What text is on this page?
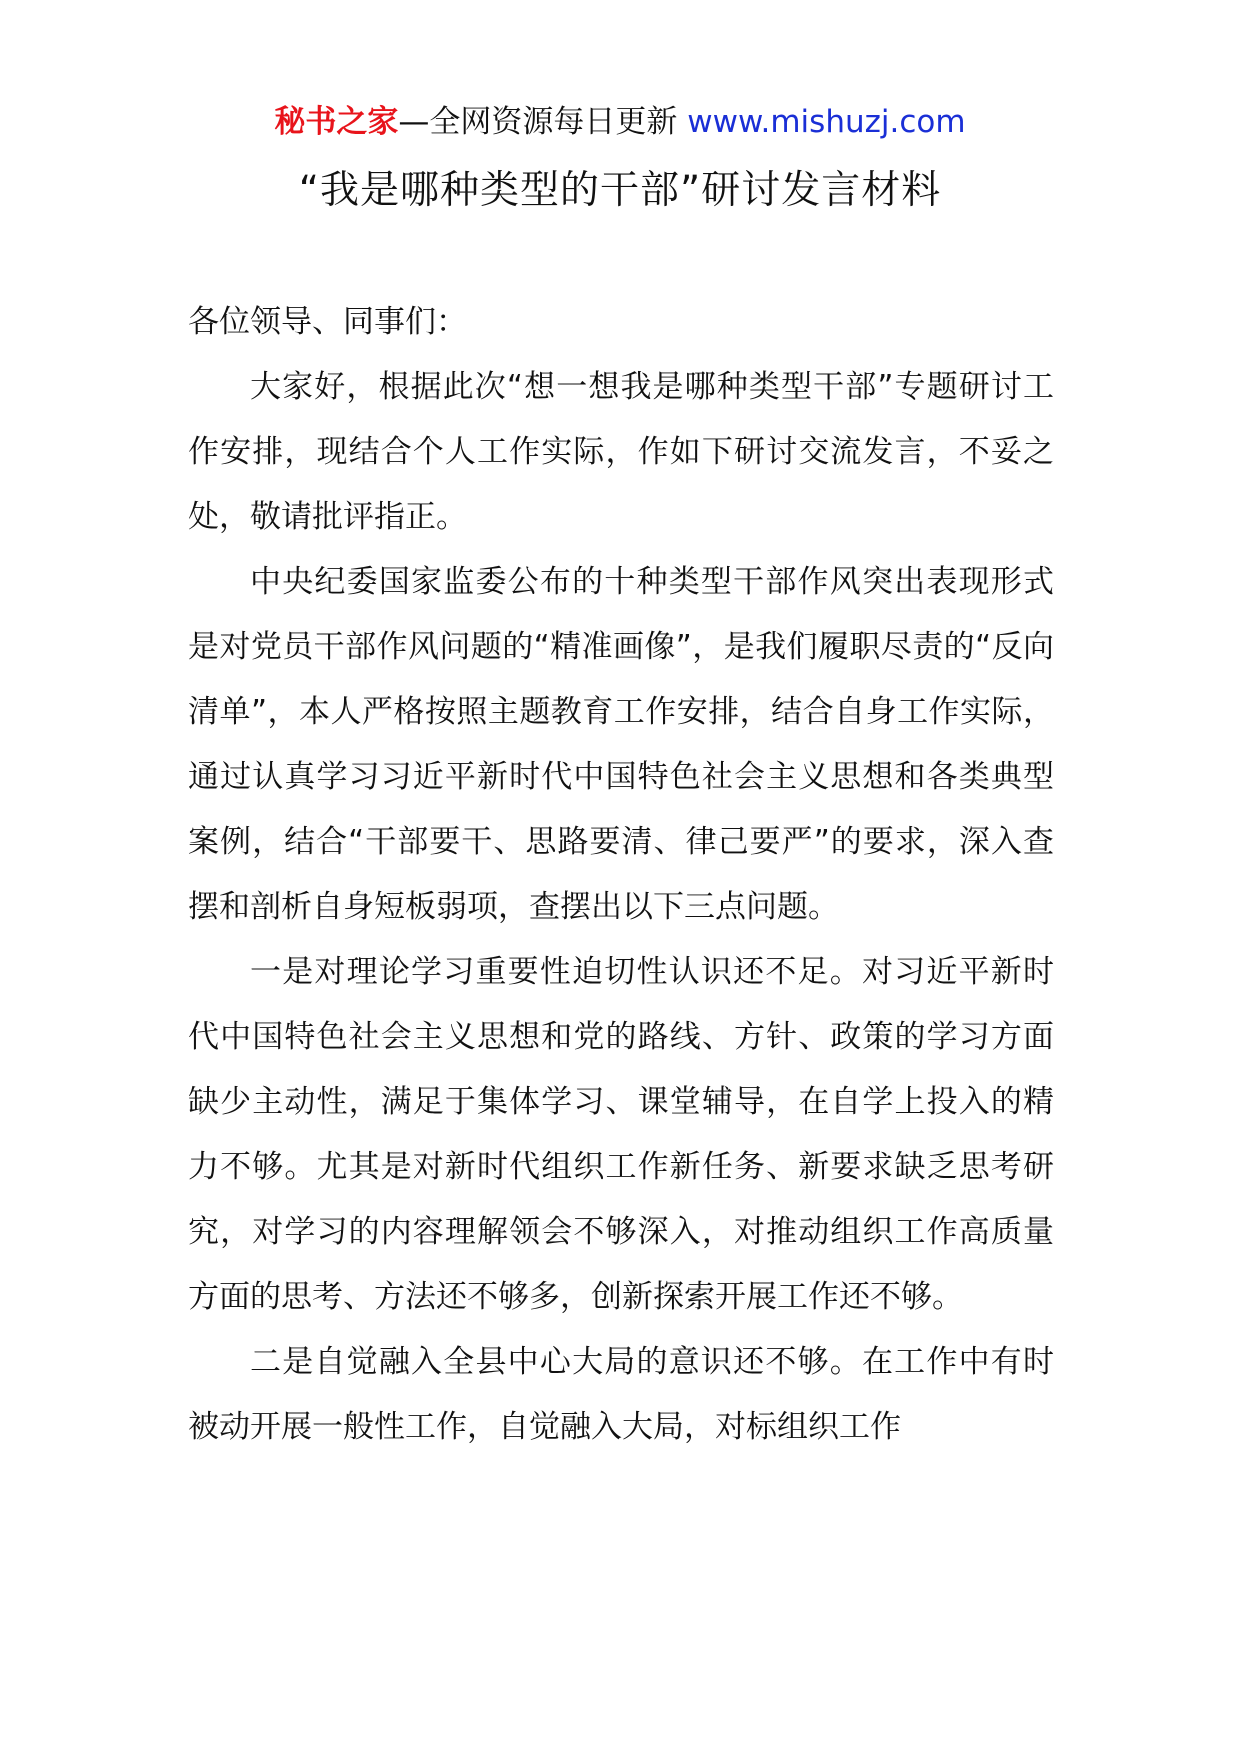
秘书之家—全网资源每日更新 www.mishuzj.com
“我是哪种类型的干部”研讨发言材料

各位领导、同事们：

大家好，根据此次“想一想我是哪种类型干部”专题研讨工作安排，现结合个人工作实际，作如下研讨交流发言，不妥之处，敬请批评指正。

中央纪委国家监委公布的十种类型干部作风突出表现形式是对党员干部作风问题的“精准画像”，是我们履职尽责的“反向清单”，本人严格按照主题教育工作安排，结合自身工作实际，通过认真学习习近平新时代中国特色社会主义思想和各类典型案例，结合“干部要干、思路要清、律己要严”的要求，深入查摆和剖析自身短板弱项，查摆出以下三点问题。

一是对理论学习重要性迫切性认识还不足。对习近平新时代中国特色社会主义思想和党的路线、方针、政策的学习方面缺少主动性，满足于集体学习、课堂辅导，在自学上投入的精力不够。尤其是对新时代组织工作新任务、新要求缺乏思考研究，对学习的内容理解领会不够深入，对推动组织工作高质量方面的思考、方法还不够多，创新探索开展工作还不够。

二是自觉融入全县中心大局的意识还不够。在工作中有时被动开展一般性工作，自觉融入大局，对标组织工作
